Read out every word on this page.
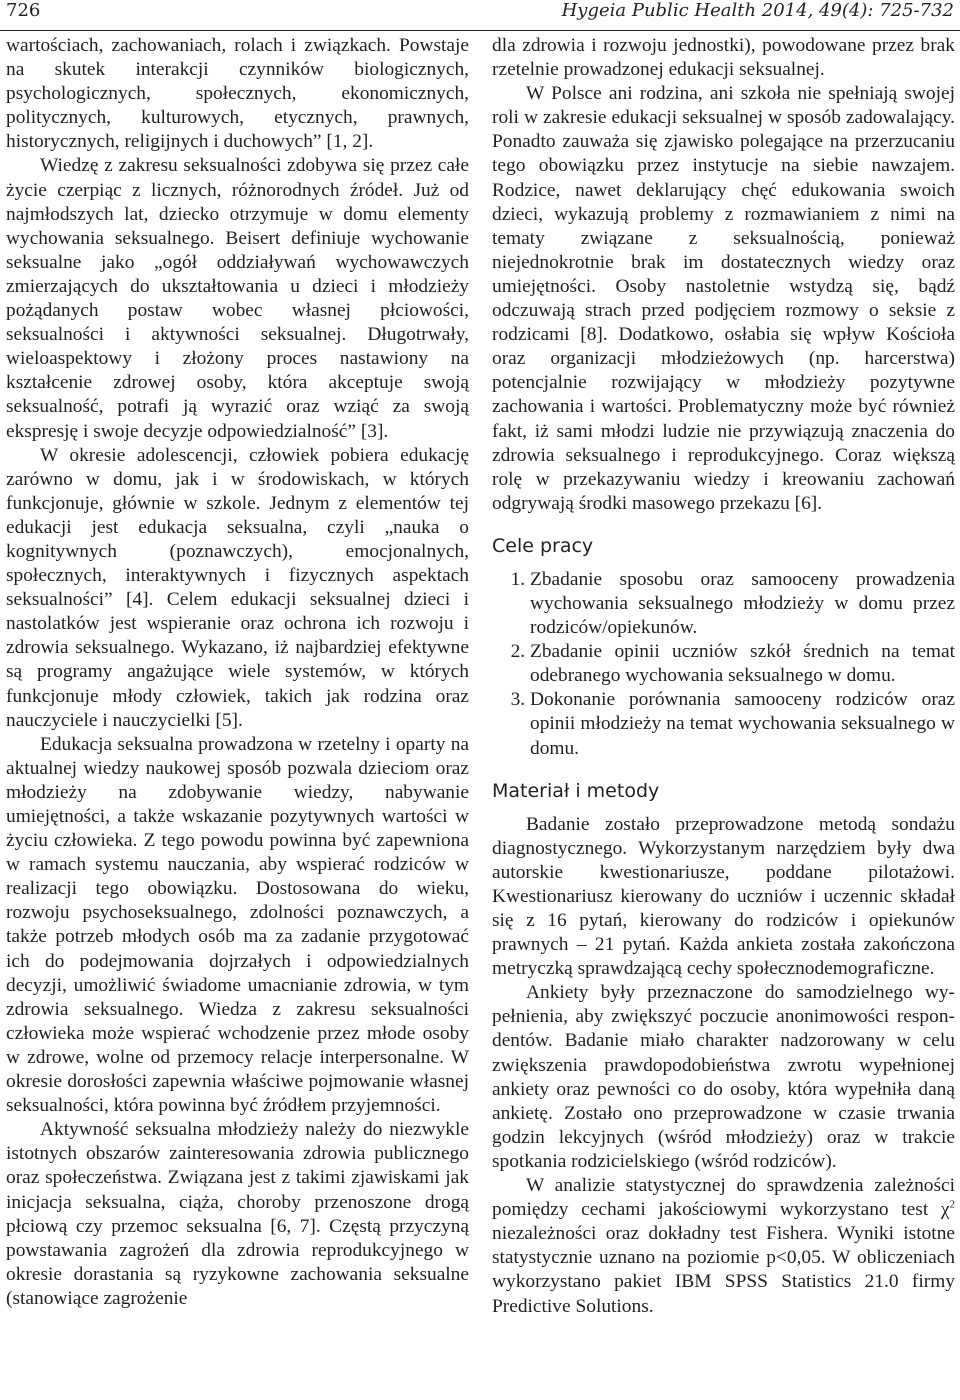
726	Hygeia Public Health 2014, 49(4): 725-732

wartościach, zachowaniach, rolach i związkach. Powstaje na skutek interakcji czynników biologicznych, psychologicznych, społecznych, ekonomicznych, politycznych, kulturowych, etycznych, prawnych, historycznych, religijnych i duchowych” [1, 2].

Wiedzę z zakresu seksualności zdobywa się przez całe życie czerpiąc z licznych, różnorodnych źródeł. Już od najmłodszych lat, dziecko otrzymuje w domu elementy wychowania seksualnego. Beisert definiuje wychowanie seksualne jako „ogół oddziaływań wychowawczych zmierzających do ukształtowania u dzieci i młodzieży pożądanych postaw wobec własnej płciowości, seksualności i aktywności seksualnej. Długotrwały, wieloaspektowy i złożony proces nastawiony na kształcenie zdrowej osoby, która akceptuje swoją seksualność, potrafi ją wyrazić oraz wziąć za swoją ekspresję i swoje decyzje odpowiedzialność” [3].

W okresie adolescencji, człowiek pobiera edukację zarówno w domu, jak i w środowiskach, w których funkcjonuje, głównie w szkole. Jednym z elementów tej edukacji jest edukacja seksualna, czyli „nauka o kognitywnych (poznawczych), emocjonalnych, społecznych, interaktywnych i fizycznych aspektach seksualności” [4]. Celem edukacji seksualnej dzieci i nastolatków jest wspieranie oraz ochrona ich rozwoju i zdrowia seksualnego. Wykazano, iż najbardziej efektywne są programy angażujące wiele systemów, w których funkcjonuje młody człowiek, takich jak rodzina oraz nauczyciele i nauczycielki [5].

Edukacja seksualna prowadzona w rzetelny i oparty na aktualnej wiedzy naukowej sposób pozwala dzieciom oraz młodzieży na zdobywanie wiedzy, nabywanie umiejętności, a także wskazanie pozytywnych wartości w życiu człowieka. Z tego powodu powinna być zapewniona w ramach systemu nauczania, aby wspierać rodziców w realizacji tego obowiązku. Dostosowana do wieku, rozwoju psychoseksualnego, zdolności poznawczych, a także potrzeb młodych osób ma za zadanie przygotować ich do podejmowania dojrzałych i odpowiedzialnych decyzji, umożliwić świadome umacnianie zdrowia, w tym zdrowia seksualnego. Wiedza z zakresu seksualności człowieka może wspierać wchodzenie przez młode osoby w zdrowe, wolne od przemocy relacje interpersonalne. W okresie dorosłości zapewnia właściwe pojmowanie własnej seksualności, która powinna być źródłem przyjemności.

Aktywność seksualna młodzieży należy do niezwykle istotnych obszarów zainteresowania zdrowia publicznego oraz społeczeństwa. Związana jest z takimi zjawiskami jak inicjacja seksualna, ciąża, choroby przenoszone drogą płciową czy przemoc seksualna [6, 7]. Częstą przyczyną powstawania zagrożeń dla zdrowia reprodukcyjnego w okresie dorastania są ryzykowne zachowania seksualne (stanowiące zagrożenie

dla zdrowia i rozwoju jednostki), powodowane przez brak rzetelnie prowadzonej edukacji seksualnej.

W Polsce ani rodzina, ani szkoła nie spełniają swojej roli w zakresie edukacji seksualnej w sposób zadowalający. Ponadto zauważa się zjawisko polegające na przerzucaniu tego obowiązku przez instytucje na siebie nawzajem. Rodzice, nawet deklarujący chęć edukowania swoich dzieci, wykazują problemy z rozmawianiem z nimi na tematy związane z seksualnością, ponieważ niejednokrotnie brak im dostatecznych wiedzy oraz umiejętności. Osoby nastoletnie wstydzą się, bądź odczuwają strach przed podjęciem rozmowy o seksie z rodzicami [8]. Dodatkowo, osłabia się wpływ Kościoła oraz organizacji młodzieżowych (np. harcerstwa) potencjalnie rozwijający w młodzieży pozytywne zachowania i wartości. Problematyczny może być również fakt, iż sami młodzi ludzie nie przywiązują znaczenia do zdrowia seksualnego i reprodukcyjnego. Coraz większą rolę w przekazywaniu wiedzy i kreowaniu zachowań odgrywają środki masowego przekazu [6].

Cele pracy
1. Zbadanie sposobu oraz samooceny prowadzenia wychowania seksualnego młodzieży w domu przez rodziców/opiekunów.
2. Zbadanie opinii uczniów szkół średnich na temat odebranego wychowania seksualnego w domu.
3. Dokonanie porównania samooceny rodziców oraz opinii młodzieży na temat wychowania seksualnego w domu.
Materiał i metody

Badanie zostało przeprowadzone metodą sondażu diagnostycznego. Wykorzystanym narzędziem były dwa autorskie kwestionariusze, poddane pilotażowi. Kwestionariusz kierowany do uczniów i uczennic składał się z 16 pytań, kierowany do rodziców i opiekunów prawnych – 21 pytań. Każda ankieta została zakończona metryczką sprawdzającą cechy społecznodemograficzne.

Ankiety były przeznaczone do samodzielnego wypełnienia, aby zwiększyć poczucie anonimowości respondentów. Badanie miało charakter nadzorowany w celu zwiększenia prawdopodobieństwa zwrotu wypełnionej ankiety oraz pewności co do osoby, która wypełniła daną ankietę. Zostało ono przeprowadzone w czasie trwania godzin lekcyjnych (wśród młodzieży) oraz w trakcie spotkania rodzicielskiego (wśród rodziców).

W analizie statystycznej do sprawdzenia zależności pomiędzy cechami jakościowymi wykorzystano test $\chi^2$ niezależności oraz dokładny test Fishera. Wyniki istotne statystycznie uznano na poziomie p<0,05. W obliczeniach wykorzystano pakiet IBM SPSS Statistics 21.0 firmy Predictive Solutions.
